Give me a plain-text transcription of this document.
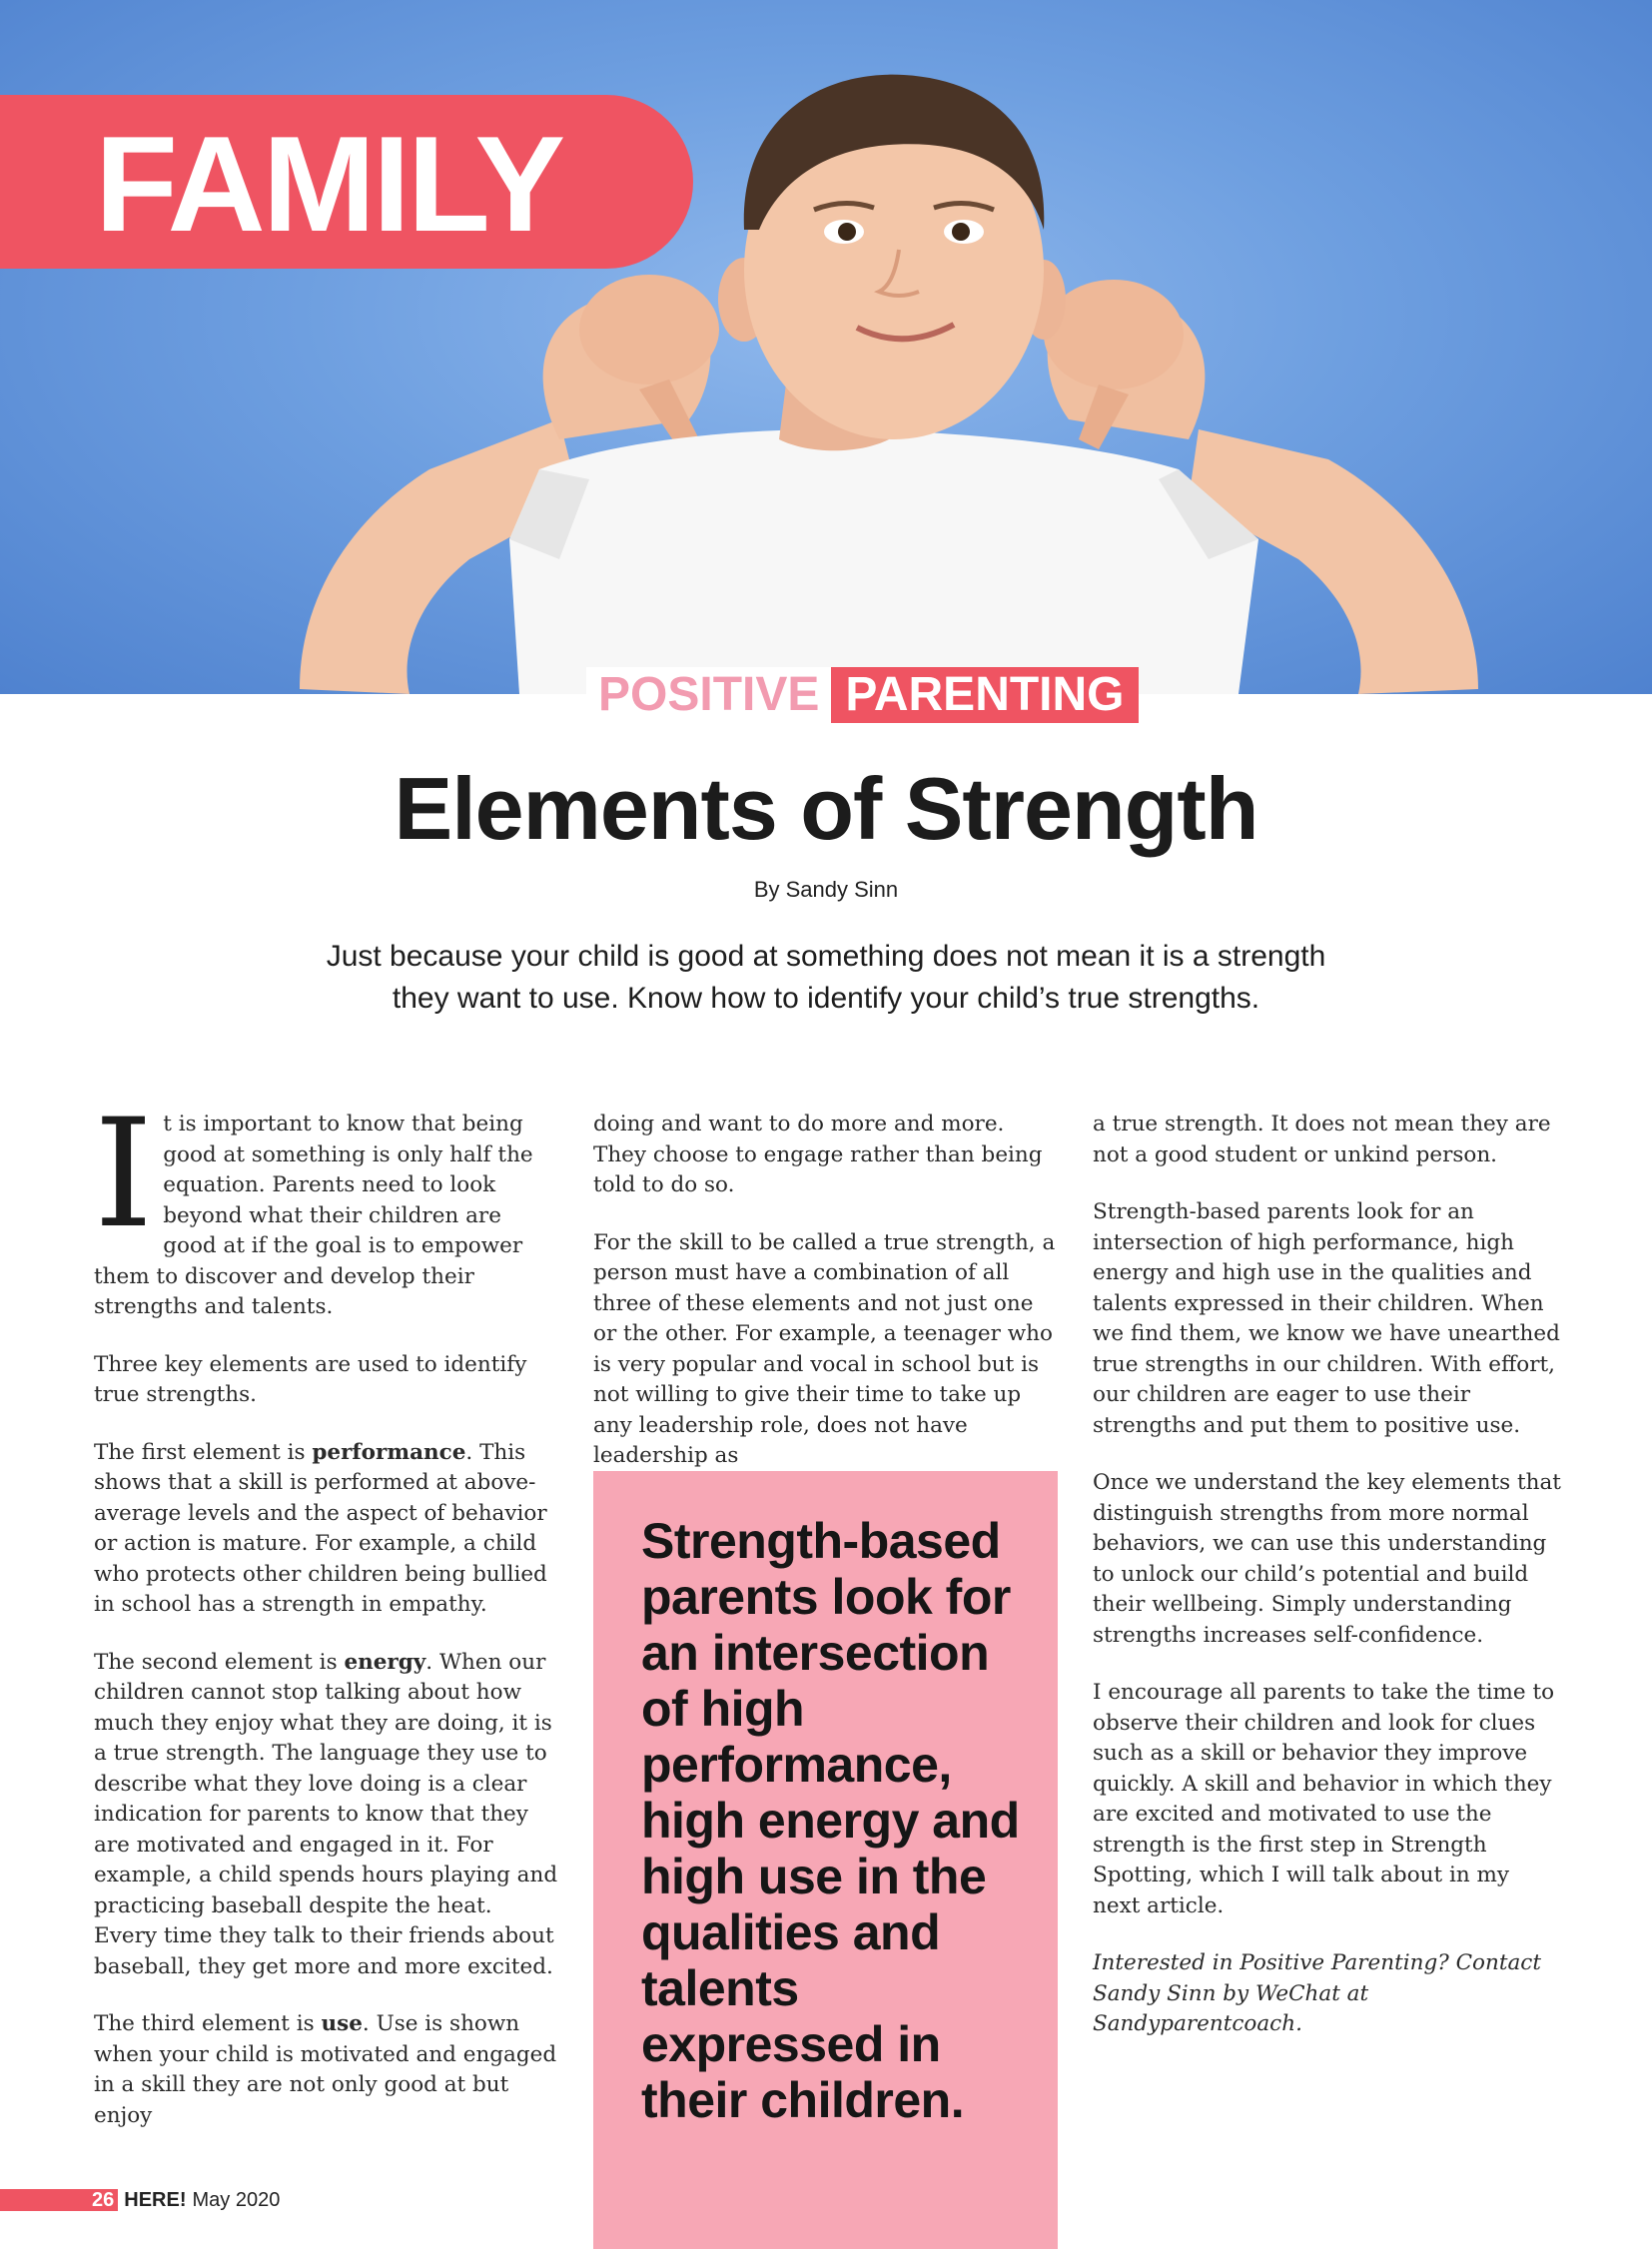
FAMILY
POSITIVE PARENTING
Elements of Strength
By Sandy Sinn
Just because your child is good at something does not mean it is a strength they want to use. Know how to identify your child’s true strengths.

It is important to know that being good at something is only half the equation. Parents need to look beyond what their children are good at if the goal is to empower them to discover and develop their strengths and talents.

Three key elements are used to identify true strengths.

The first element is performance. This shows that a skill is performed at above-average levels and the aspect of behavior or action is mature. For example, a child who protects other children being bullied in school has a strength in empathy.

The second element is energy. When our children cannot stop talking about how much they enjoy what they are doing, it is a true strength. The language they use to describe what they love doing is a clear indication for parents to know that they are motivated and engaged in it. For example, a child spends hours playing and practicing baseball despite the heat. Every time they talk to their friends about baseball, they get more and more excited.

The third element is use. Use is shown when your child is motivated and engaged in a skill they are not only good at but enjoy

doing and want to do more and more. They choose to engage rather than being told to do so.

For the skill to be called a true strength, a person must have a combination of all three of these elements and not just one or the other. For example, a teenager who is very popular and vocal in school but is not willing to give their time to take up any leadership role, does not have leadership as

Strength-based parents look for an intersection of high performance, high energy and high use in the qualities and talents expressed in their children.

a true strength. It does not mean they are not a good student or unkind person.

Strength-based parents look for an intersection of high performance, high energy and high use in the qualities and talents expressed in their children. When we find them, we know we have unearthed true strengths in our children. With effort, our children are eager to use their strengths and put them to positive use.

Once we understand the key elements that distinguish strengths from more normal behaviors, we can use this understanding to unlock our child’s potential and build their wellbeing. Simply understanding strengths increases self-confidence.

I encourage all parents to take the time to observe their children and look for clues such as a skill or behavior they improve quickly. A skill and behavior in which they are excited and motivated to use the strength is the first step in Strength Spotting, which I will talk about in my next article.

Interested in Positive Parenting? Contact Sandy Sinn by WeChat at Sandyparentcoach.

26 HERE! May 2020
